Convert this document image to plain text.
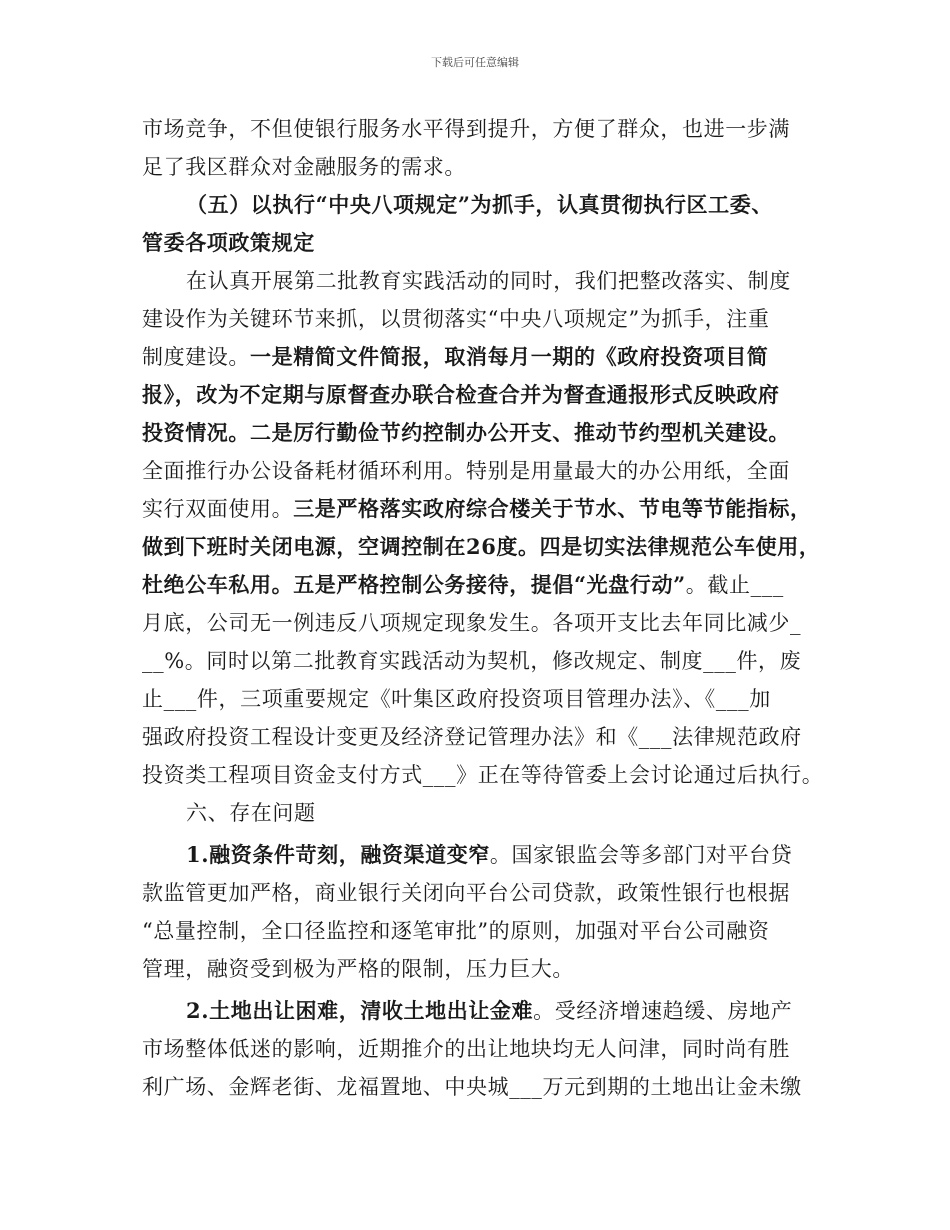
下载后可任意编辑
市场竞争，不但使银行服务水平得到提升，方便了群众，也进一步满
足了我区群众对金融服务的需求。
（五）以执行“中央八项规定”为抓手，认真贯彻执行区工委、
管委各项政策规定
在认真开展第二批教育实践活动的同时，我们把整改落实、制度
建设作为关键环节来抓，以贯彻落实“中央八项规定”为抓手，注重
制度建设。一是精简文件简报，取消每月一期的《政府投资项目简
报》，改为不定期与原督查办联合检查合并为督查通报形式反映政府
投资情况。二是厉行勤俭节约控制办公开支、推动节约型机关建设。
全面推行办公设备耗材循环利用。特别是用量最大的办公用纸，全面
实行双面使用。三是严格落实政府综合楼关于节水、节电等节能指标，
做到下班时关闭电源，空调控制在26度。四是切实法律规范公车使用，
杜绝公车私用。五是严格控制公务接待，提倡“光盘行动”。截止___
月底，公司无一例违反八项规定现象发生。各项开支比去年同比减少_
__%。同时以第二批教育实践活动为契机，修改规定、制度___件，废
止___件，三项重要规定《叶集区政府投资项目管理办法》、《___加
强政府投资工程设计变更及经济登记管理办法》和《___法律规范政府
投资类工程项目资金支付方式___》正在等待管委上会讨论通过后执行。
六、存在问题
1.融资条件苛刻，融资渠道变窄。国家银监会等多部门对平台贷
款监管更加严格，商业银行关闭向平台公司贷款，政策性银行也根据
“总量控制，全口径监控和逐笔审批”的原则，加强对平台公司融资
管理，融资受到极为严格的限制，压力巨大。
2.土地出让困难，清收土地出让金难。受经济增速趋缓、房地产
市场整体低迷的影响，近期推介的出让地块均无人问津，同时尚有胜
利广场、金辉老街、龙福置地、中央城___万元到期的土地出让金未缴
